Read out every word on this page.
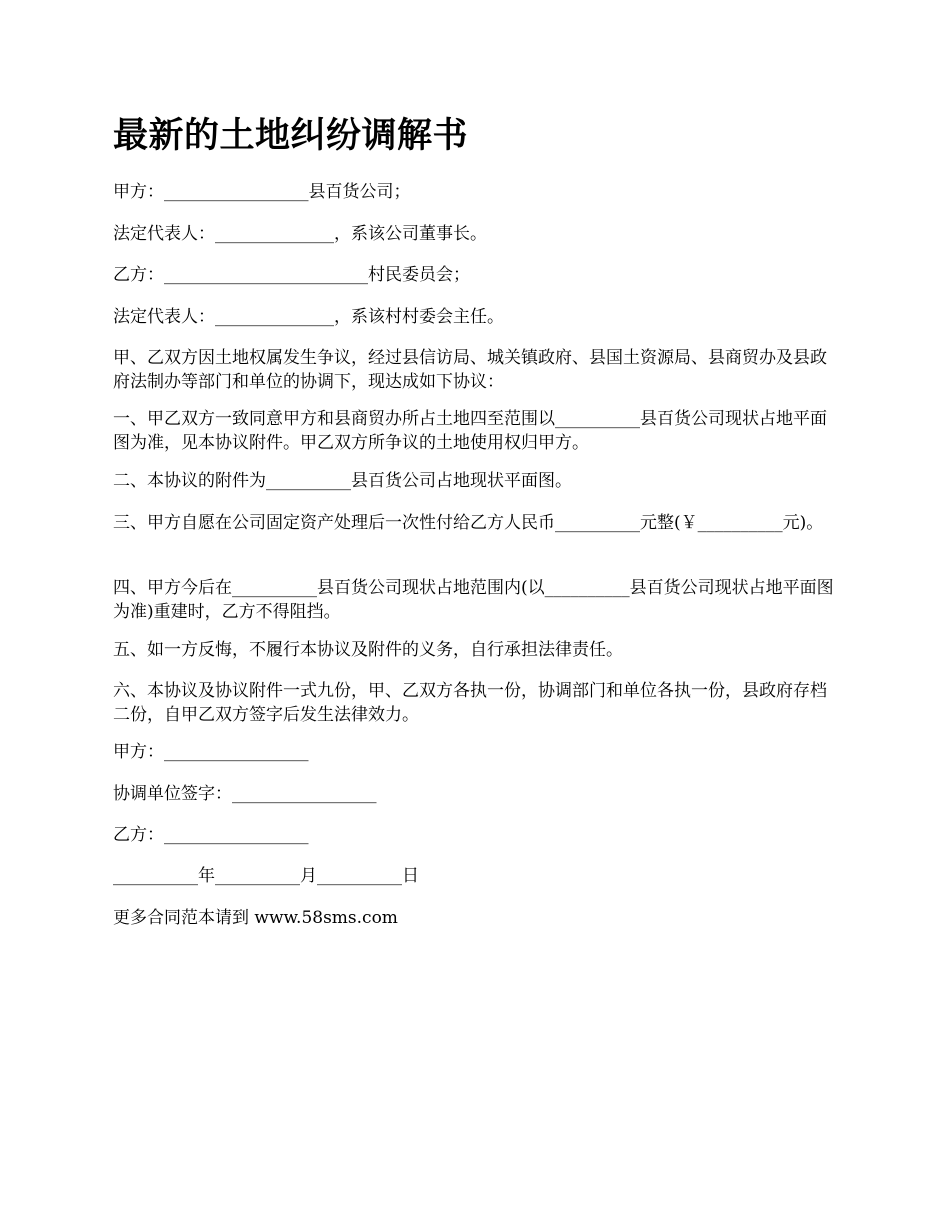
最新的土地纠纷调解书

甲方：_________________县百货公司；

法定代表人：______________，系该公司董事长。

乙方：________________________村民委员会；

法定代表人：______________，系该村村委会主任。

甲、乙双方因土地权属发生争议，经过县信访局、城关镇政府、县国土资源局、县商贸办及县政府法制办等部门和单位的协调下，现达成如下协议：

一、甲乙双方一致同意甲方和县商贸办所占土地四至范围以__________县百货公司现状占地平面图为准，见本协议附件。甲乙双方所争议的土地使用权归甲方。

二、本协议的附件为__________县百货公司占地现状平面图。

三、甲方自愿在公司固定资产处理后一次性付给乙方人民币__________元整(￥__________元)。

四、甲方今后在__________县百货公司现状占地范围内(以__________县百货公司现状占地平面图为准)重建时，乙方不得阻挡。

五、如一方反悔，不履行本协议及附件的义务，自行承担法律责任。

六、本协议及协议附件一式九份，甲、乙双方各执一份，协调部门和单位各执一份，县政府存档二份，自甲乙双方签字后发生法律效力。

甲方：_________________

协调单位签字：_________________

乙方：_________________

__________年__________月__________日

更多合同范本请到 www.58sms.com
